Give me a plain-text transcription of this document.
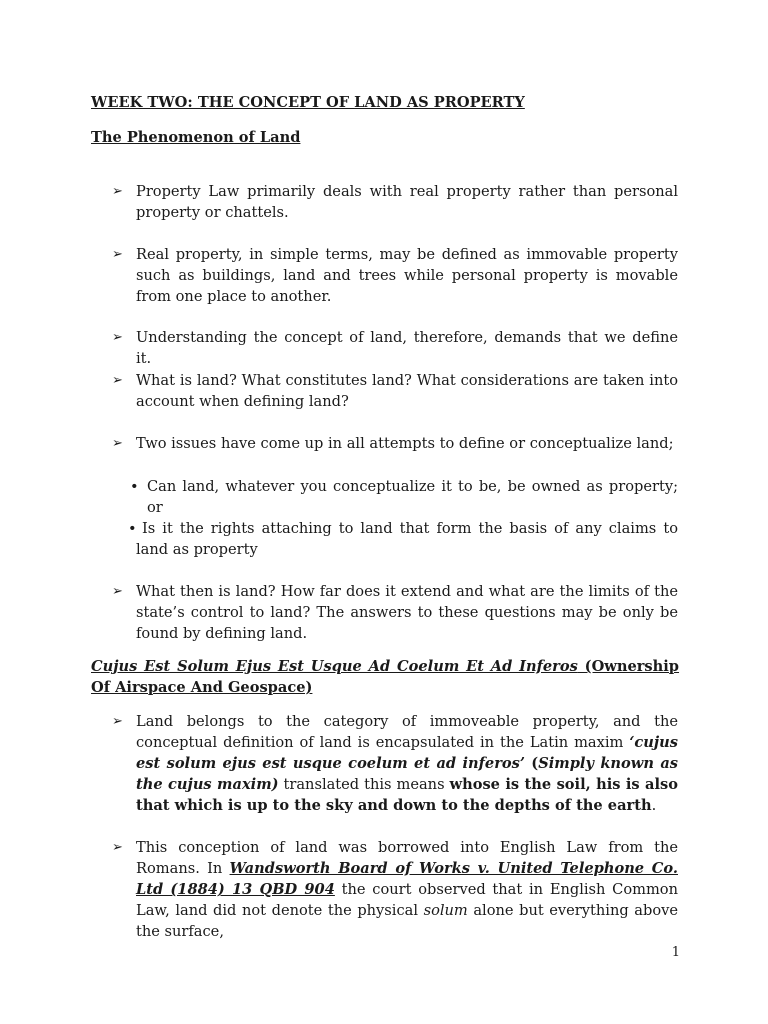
WEEK TWO: THE CONCEPT OF LAND AS PROPERTY
The Phenomenon of Land
➢ Property Law primarily deals with real property rather than personal property or chattels.
➢ Real property, in simple terms, may be defined as immovable property such as buildings, land and trees while personal property is movable from one place to another.
➢ Understanding the concept of land, therefore, demands that we define it.
➢ What is land? What constitutes land? What considerations are taken into account when defining land?
➢ Two issues have come up in all attempts to define or conceptualize land;
• Can land, whatever you conceptualize it to be, be owned as property; or
• Is it the rights attaching to land that form the basis of any claims to land as property
➢ What then is land? How far does it extend and what are the limits of the state’s control to land? The answers to these questions may be only be found by defining land.
Cujus Est Solum Ejus Est Usque Ad Coelum Et Ad Inferos (Ownership Of Airspace And Geospace)
➢ Land belongs to the category of immoveable property, and the conceptual definition of land is encapsulated in the Latin maxim ‘cujus est solum ejus est usque coelum et ad inferos’ (Simply known as the cujus maxim) translated this means whose is the soil, his is also that which is up to the sky and down to the depths of the earth.
➢ This conception of land was borrowed into English Law from the Romans. In Wandsworth Board of Works v. United Telephone Co. Ltd (1884) 13 QBD 904 the court observed that in English Common Law, land did not denote the physical solum alone but everything above the surface,
1
